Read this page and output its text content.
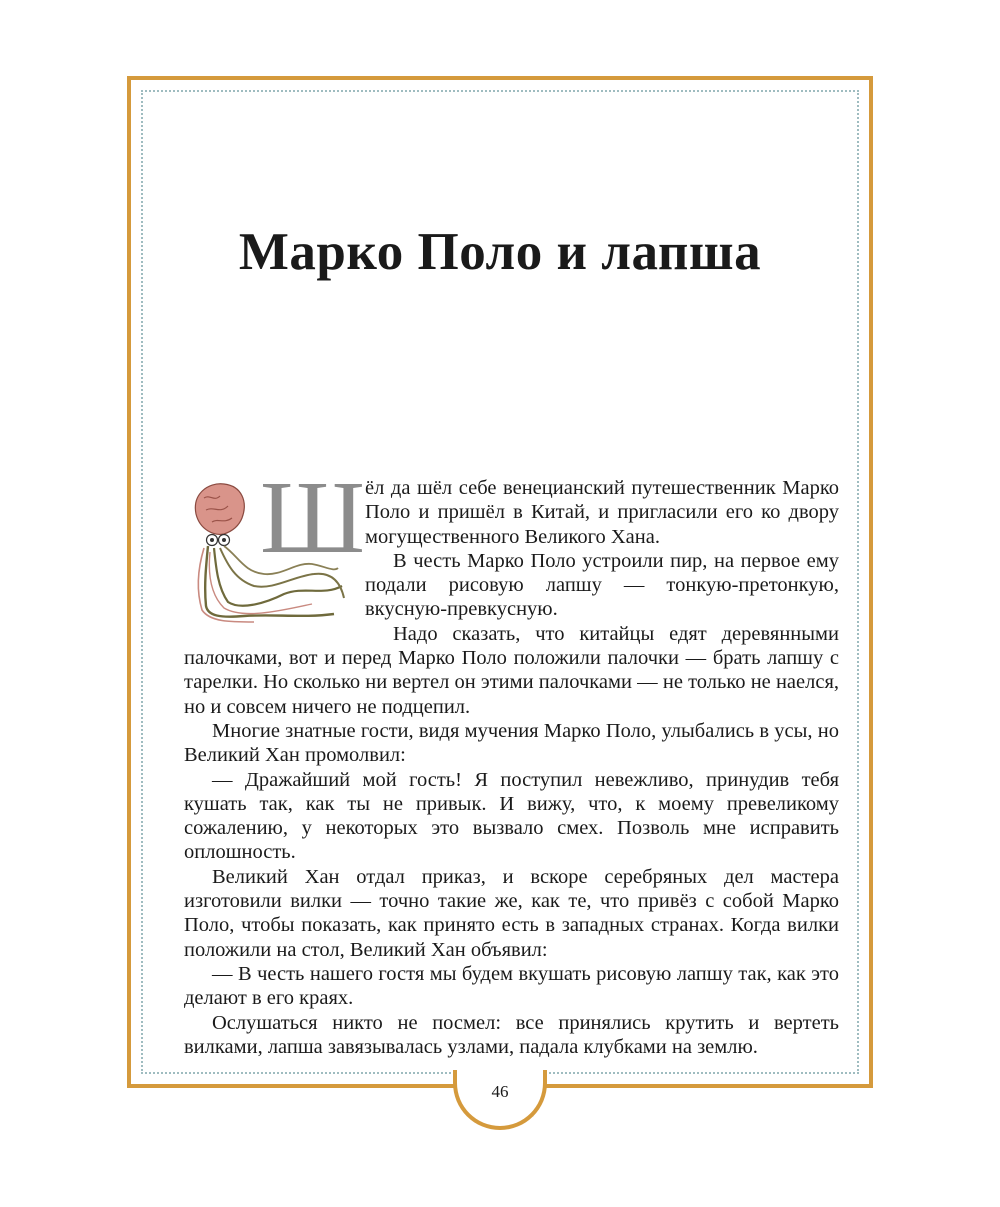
Марко Поло и лапша
Ш ёл да шёл себе венецианский путешественник Марко Поло и пришёл в Китай, и пригласили его ко двору могущественного Великого Хана.

В честь Марко Поло устроили пир, на первое ему подали рисовую лапшу — тонкую-претонкую, вкусную-превкусную.

Надо сказать, что китайцы едят деревянными палочками, вот и перед Марко Поло положили палочки — брать лапшу с тарелки. Но сколько ни вертел он этими палочками — не только не наелся, но и совсем ничего не подцепил.

Многие знатные гости, видя мучения Марко Поло, улыбались в усы, но Великий Хан промолвил:

— Дражайший мой гость! Я поступил невежливо, принудив тебя кушать так, как ты не привык. И вижу, что, к моему превеликому сожалению, у некоторых это вызвало смех. Позволь мне исправить оплошность.

Великий Хан отдал приказ, и вскоре серебряных дел мастера изготовили вилки — точно такие же, как те, что привёз с собой Марко Поло, чтобы показать, как принято есть в западных странах. Когда вилки положили на стол, Великий Хан объявил:

— В честь нашего гостя мы будем вкушать рисовую лапшу так, как это делают в его краях.

Ослушаться никто не посмел: все принялись крутить и вертеть вилками, лапша завязывалась узлами, падала клубками на землю.

46
